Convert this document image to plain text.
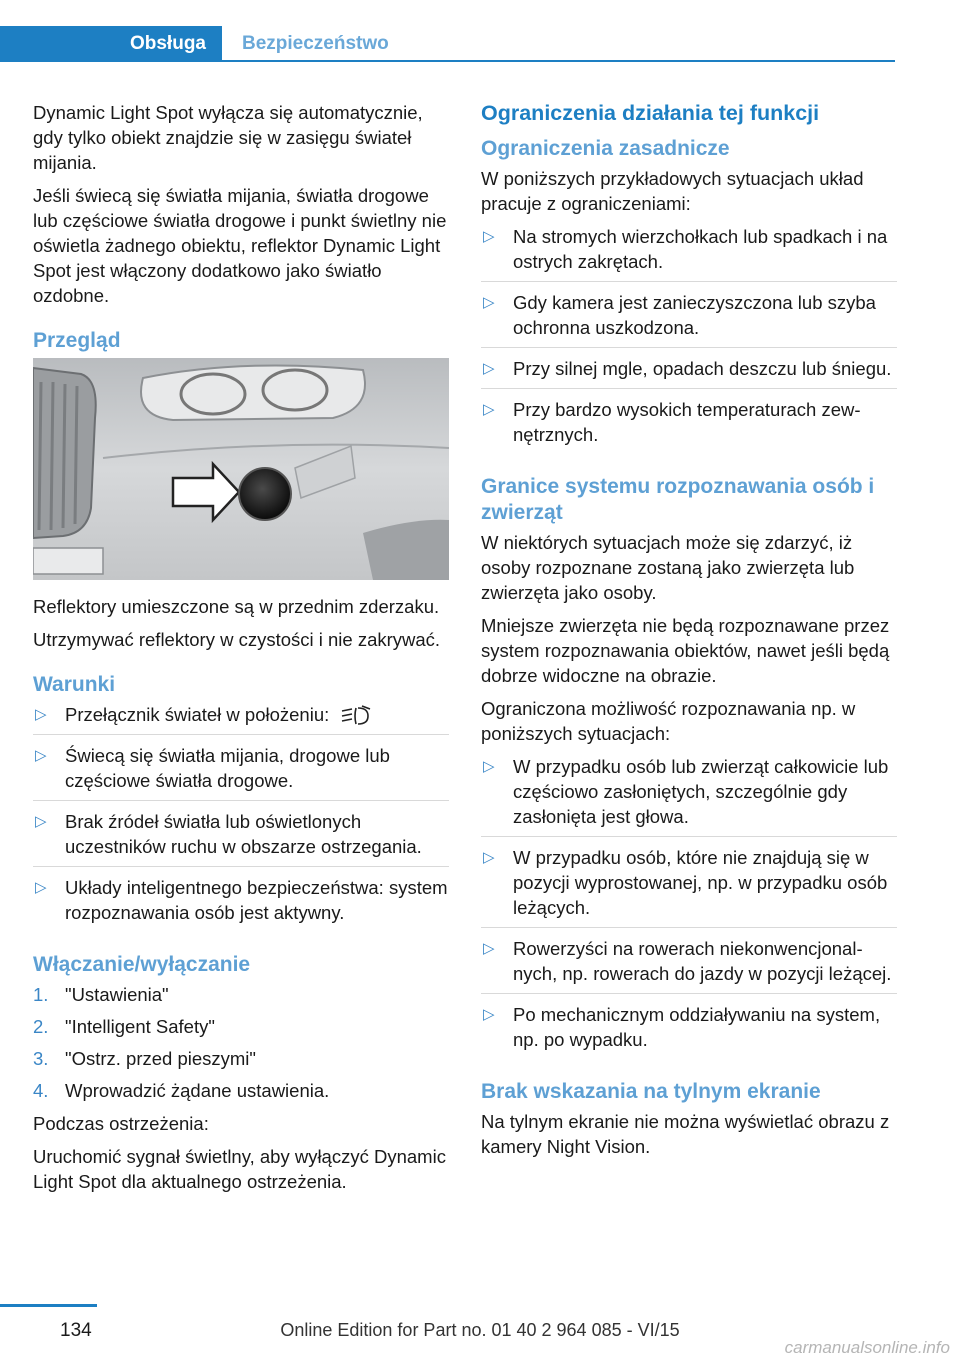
Obsługa	Bezpieczeństwo

Dynamic Light Spot wyłącza się automatycznie, gdy tylko obiekt znajdzie się w zasięgu świateł mijania.

Jeśli świecą się światła mijania, światła drogowe lub częściowe światła drogowe i punkt świetlny nie oświetla żadnego obiektu, reflektor Dynamic Light Spot jest włączony dodatkowo jako światło ozdobne.

Przegląd

Reflektory umieszczone są w przednim zderzaku.

Utrzymywać reflektory w czystości i nie zakrywać.

Warunki
▷ Przełącznik świateł w położeniu:
▷ Świecą się światła mijania, drogowe lub częściowe światła drogowe.
▷ Brak źródeł światła lub oświetlonych uczestników ruchu w obszarze ostrzegania.
▷ Układy inteligentnego bezpieczeństwa: system rozpoznawania osób jest aktywny.
Włączanie/wyłączanie
1. "Ustawienia"
2. "Intelligent Safety"
3. "Ostrz. przed pieszymi"
4. Wprowadzić żądane ustawienia.

Podczas ostrzeżenia:

Uruchomić sygnał świetlny, aby wyłączyć Dynamic Light Spot dla aktualnego ostrzeżenia.

Ograniczenia działania tej funkcji
Ograniczenia zasadnicze

W poniższych przykładowych sytuacjach układ pracuje z ograniczeniami:

▷ Na stromych wierzchołkach lub spadkach i na ostrych zakrętach.
▷ Gdy kamera jest zanieczyszczona lub szyba ochronna uszkodzona.
▷ Przy silnej mgle, opadach deszczu lub śniegu.
▷ Przy bardzo wysokich temperaturach zewnętrznych.
Granice systemu rozpoznawania osób i zwierząt

W niektórych sytuacjach może się zdarzyć, iż osoby rozpoznane zostaną jako zwierzęta lub zwierzęta jako osoby.

Mniejsze zwierzęta nie będą rozpoznawane przez system rozpoznawania obiektów, nawet jeśli będą dobrze widoczne na obrazie.

Ograniczona możliwość rozpoznawania np. w poniższych sytuacjach:

▷ W przypadku osób lub zwierząt całkowicie lub częściowo zasłoniętych, szczególnie gdy zasłonięta jest głowa.
▷ W przypadku osób, które nie znajdują się w pozycji wyprostowanej, np. w przypadku osób leżących.
▷ Rowerzyści na rowerach niekonwencjonalnych, np. rowerach do jazdy w pozycji leżącej.
▷ Po mechanicznym oddziaływaniu na system, np. po wypadku.
Brak wskazania na tylnym ekranie

Na tylnym ekranie nie można wyświetlać obrazu z kamery Night Vision.

134	Online Edition for Part no. 01 40 2 964 085 - VI/15
carmanualsonline.info
